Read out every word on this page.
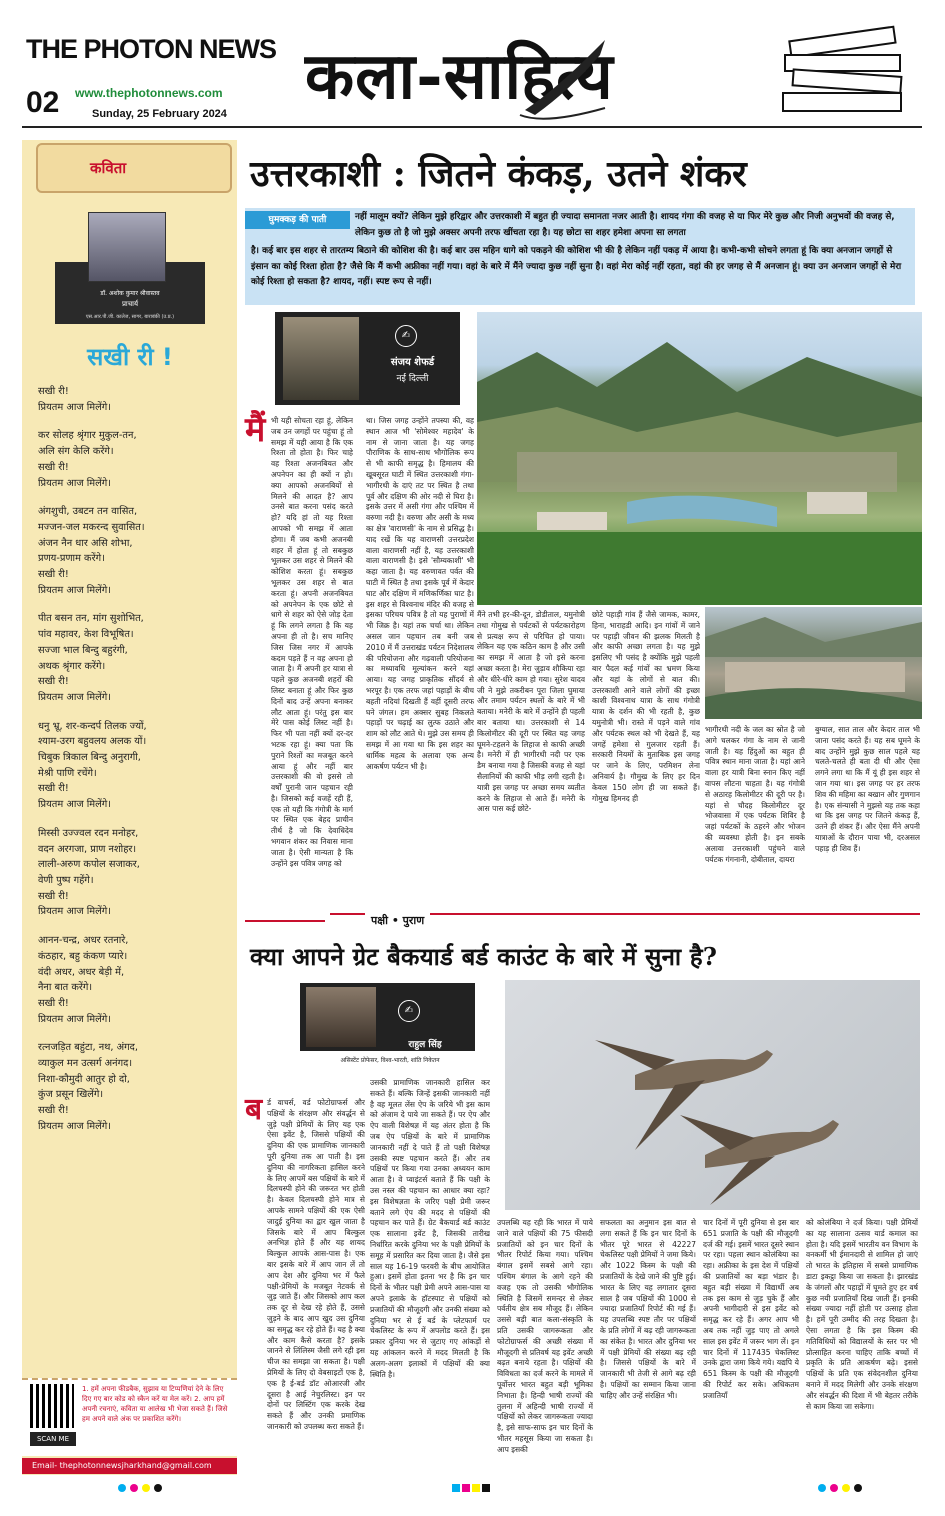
THE PHOTON NEWS
02 www.thephotonnews.com
Sunday, 25 February 2024 कला-साहित्य
कविता
डॉ. अशोक कुमार श्रीवास्तव
प्राचार्य
एस.आर.पी.जी. कालेज, सागर, बाराबंकी (उ.प्र.)
सखी री !
सखी री!
प्रियतम आज मिलेंगे।
कर सोलह श्रृंगार मुकुल-तन,
अलि संग केलि करेंगे।
सखी री!
प्रियतम आज मिलेंगे।
अंगशुची, उबटन तन वासित,
मज्जन-जल मकरन्द सुवासित।
अंजन नैन धार असि शोभा,
प्रणय-प्रणाम करेंगे।
सखी री!
प्रियतम आज मिलेंगे।
पीत बसन तन, मांग सुशोभित,
पांव महावर, केश विभूषित।
सज्जा भाल बिन्दु बहुरंगी,
अथक श्रृंगार करेंगे।
सखी री!
प्रियतम आज मिलेंगे।
धनु भ्रू, शर-कन्दर्प तिलक ज्यों,
श्याम-उरग बहुवलय अलक यों।
चिबुक त्रिकाल बिन्दु अनुरागी,
मेश्री पाणि रचेंगे।
सखी री!
प्रियतम आज मिलेंगे।
मिस्सी उज्ज्वल रदन मनोहर,
वदन अरगजा, प्राण नशोहर।
लाली-अरुण कपोल सजाकर,
वेणी पुष्प गहेंगे।
सखी री!
प्रियतम आज मिलेंगे।
आनन-चन्द्र, अधर रतनारे,
कंठहार, बहु कंकण प्यारे।
वंदी अधर, अधर बेड़ी में,
नैना बात करेंगे।
सखी री!
प्रियतम आज मिलेंगे।
रत्नजड़ित बहुंटा, नथ, अंगद,
व्याकुल मन उत्सर्ग अनंगद।
निशा-कौमुदी आतुर हो दो,
कुंज प्रसून खिलेंगे।
सखी री!
प्रियतम आज मिलेंगे।
SCAN ME
1. हमें अपना फीडबैक, सुझाव या टिप्पणियां देने के लिए दिए गए बार कोड को स्कैन करें या मेल करें। 2. आप हमें अपनी रचनाएं, कविता या आलेख भी भेजा सकते हैं। जिसे हम अपने वाले अंक पर प्रकाशित करेंगे।
Email- thephotonnewsjharkhand@gmail.com
उत्तरकाशी : जितने कंकड़, उतने शंकर
नहीं मालूम क्यों? लेकिन मुझे हरिद्वार और उत्तरकाशी में बहुत ही ज्यादा समानता नजर आती है। शायद गंगा की वजह से या फिर मेरे कुछ और निजी अनुभवों की वजह से, लेकिन कुछ तो है जो मुझे अक्सर अपनी तरफ खींचता रहा है। यह छोटा सा शहर हमेशा अपना सा लगता
घुमक्कड़ की पाती
है। कई बार इस शहर से तारतम्य बिठाने की कोशिश की है। कई बार उस महिन धागे को पकड़ने की कोशिश भी की है लेकिन नहीं पकड़ में आया है। कभी-कभी सोचने लगता हूं कि क्या अनजान जगहों से इंसान का कोई रिश्ता होता है? जैसे कि मैं कभी अफ्रीका नहीं गया। वहां के बारे में मैंने ज्यादा कुछ नहीं सुना है। वहां मेरा कोई नहीं रहता, वहां की हर जगह से मैं अनजान हूं। क्या उन अनजान जगहों से मेरा कोई रिश्ता हो सकता है? शायद, नहीं। स्पष्ट रूप से नहीं।
✍
संजय शेफर्ड
नई दिल्ली
मैं भी यही सोचता रहा हूं, लेकिन जब उन जगहों पर पहुंचा हूं तो समझ में यही आया है कि एक रिश्ता तो होता है। फिर चाहे वह रिश्ता अजनबियत और अपनेपन का ही क्यों न हो। क्या आपको अजनबियों से मिलने की आदत है? आप उनसे बात करना पसंद करते हो? यदि हां तो यह रिश्ता आपको भी समझ में आता होगा। मैं जब कभी अजनबी शहर में होता हूं तो सबकुछ भूलकर उस शहर से मिलने की कोशिश करता हूं। सबकुछ भूलकर उस शहर से बात करता हूं। अपनी अजनबियत को अपनेपन के एक छोटे से धागे से शहर को ऐसे जोड़ देता हूं कि लगने लगता है कि यह अपना ही तो है। सच मानिए जिस जिस नगर में आपके कदम पड़ते हैं न वह अपना हो जाता है। मैं अपनी हर यात्रा से पहले कुछ अजनबी शहरों की लिस्ट बनाता हूं और फिर कुछ दिनों बाद उन्हें अपना बनाकर लौट आता हूं। परंतु इस बार मेरे पास कोई लिस्ट नहीं है। फिर भी पता नहीं क्यों दर-दर भटक रहा हूं। क्या पता कि पुराने रिश्तों का मजबूत करने आया हूं और नहीं बार उत्तरकाशी की वो इससे तो वर्षों पुरानी जान पहचान रही है। जिसको कई वजहें रही हैं, एक तो यही कि गंगोत्री के मार्ग पर स्थित एक बेहद प्राचीन तीर्थ है जो कि देवाधिदेव भगवान शंकर का निवास माना जाता है। ऐसी मान्यता है कि उन्होंने इस पवित्र जगह को
था। जिस जगह उन्होंने तपस्या की, वह स्थान आज भी 'सोमेश्वर महादेव' के नाम से जाना जाता है। यह जगह पौराणिक के साथ-साथ भौगोलिक रूप से भी काफी समृद्ध है। हिमालय की खूबसूरत घाटी में स्थित उत्तरकाशी गंगा-भागीरथी के दाएं तट पर स्थित है तथा पूर्व और दक्षिण की ओर नदी से घिरा है। इसके उत्तर में असी गंगा और पश्चिम में वरुणा नदी है। वरुणा और असी के मध्य का क्षेत्र 'वाराणसी' के नाम से प्रसिद्ध है। याद रखें कि यह वाराणसी उत्तरप्रदेश वाला वाराणसी नहीं है, यह उत्तरकाशी वाला वाराणसी है। इसे 'सौम्यकाशी' भी कहा जाता है। यह वरुणावत पर्वत की घाटी में स्थित है तथा इसके पूर्व में केदार घाट और दक्षिण में मणिकर्णिका घाट है। इस शहर से विश्वनाथ मंदिर की वजह से इसका परिचय पवित्र है तो यह पुराणों में भी जिक्र है। यहां तक चर्चा था। लेकिन असल जान पहचान तब बनी जब 2010 में मैं उत्तराखंड पर्यटन निदेशालय की परियोजना और गढ़वाली परियोजना का मध्यावधि मूल्यांकन करने यहां आया। यह जगह प्राकृतिक सौंदर्य से भरपूर है। एक तरफ जहां पहाड़ों के बीच बहती नदियां दिखती हैं वहीं दूसरी तरफ घने जंगल। हम अक्सर सुबह निकलते पहाड़ों पर चढ़ाई का लुत्फ उठाते और शाम को लौट आते थे। मुझे उस समय ही समझ में आ गया था कि इस शहर का धार्मिक महत्व के अलावा एक अन्य आकर्षण पर्यटन भी है।
मैंने तभी हर-की-दून, डोडीताल, यमुनोत्री तथा गोमुख से पर्यटकों से पर्यटकारोहण से प्रत्यक्ष रूप से परिचित हो पाया। लेकिन यह एक कठिन काम है और उसी का समझ में आता है जो इसे करना अच्छा करता है। मेरा जुड़ाव शौकिया रहा और धीरे-धीरे काम हो गया। सुरेश यादव जी ने मुझे तकरीबन पूरा जिला घुमाया और तमाम पर्यटन स्थलों के बारे में भी बताया। मनेरी के बारे में उन्होंने ही पहली बार बताया था। उत्तरकाशी से 14 किलोमीटर की दूरी पर स्थित यह जगह घूमने-टहलने के लिहाज से काफी अच्छी है। मनेरी में ही भागीरथी नदी पर एक डैम बनाया गया है जिसकी वजह से यहां सैलानियों की काफी भीड़ लगी रहती है। यात्री इस जगह पर अच्छा समय व्यतीत करने के लिहाज से आते हैं। मनेरी के आस पास कई छोटे-
छोटे पहाड़ी गांव हैं जैसे जामक, कामर, हिना, भाराहडी आदि। इन गांवों में जाने पर पहाड़ी जीवन की झलक मिलती है और काफी अच्छा लगता है। यह मुझे इसलिए भी पसंद है क्योंकि मुझे पहली बार पैदल कई गांवों का भ्रमण किया और यहां के लोगों से बात की। उत्तरकाशी आने वाले लोगों की इच्छा काशी विश्वनाथ यात्रा के साथ गंगोत्री यात्रा के दर्शन की भी रहती है, कुछ यमुनोत्री भी। रास्ते में पड़ने वाले गांव और पर्यटक स्थल को भी देखते हैं, यह जगहें हमेशा से गुलजार रहती हैं। सरकारी नियमों के मुताबिक इस जगह पर जाने के लिए, परमिशन लेना अनिवार्य है। गौमुख के लिए हर दिन केवल 150 लोग ही जा सकते हैं। गोमुख हिमनद ही
भागीरथी नदी के जल का स्रोत है जो आगे चलकर गंगा के नाम से जानी जाती है। यह हिंदुओं का बहुत ही पवित्र स्थान माना जाता है। यहां आने वाला हर यात्री बिना स्नान किए नहीं वापस लौटना चाहता है। यह गंगोत्री से अठारह किलोमीटर की दूरी पर है। यहां से चौदह किलोमीटर दूर भोजवासा में एक पर्यटक शिविर है जहां पर्यटकों के ठहरने और भोजन की व्यवस्था होती है। इन सबके अलावा उत्तरकाशी पहुंचने वाले पर्यटक गंगनानी, दोबीताल, दायरा
बुग्याल, सात ताल और केदार ताल भी जाना पसंद करते हैं। यह सब घूमने के बाद उन्होंने मुझे कुछ साल पहले यह चलते-चलते ही बता दी थी और ऐसा लगने लगा था कि मैं यूं ही इस शहर से जान गया था। इस जगह पर हर तरफ शिव की महिमा का बखान और गुणगान है। एक संन्यासी ने मुझसे यह तक कहा था कि इस जगह पर जितने कंकड़ हैं, उतने ही शंकर हैं। और ऐसा मैंने अपनी यात्राओं के दौरान पाया भी, दरअसल पहाड़ ही शिव हैं।
पक्षी • पुराण
क्या आपने ग्रेट बैकयार्ड बर्ड काउंट के बारे में सुना है?
✍
राहुल सिंह
असिस्टेंट प्रोफेसर, विश्व-भारती, शांति निकेतन
ब र्ड वाचर्स, वर्ड फोटोग्राफर्स और पक्षियों के संरक्षण और संवर्द्धन से जुड़े पक्षी प्रेमियों के लिए यह एक ऐसा इवेंट है, जिससे पक्षियों की दुनिया की एक प्रामाणिक जानकारी पूरी दुनिया तक आ पाती है। इस दुनिया की नागरिकता हासिल करने के लिए आपमें बस पक्षियों के बारे में दिलचस्पी होने की जरूरत भर होती है। केवल दिलचस्पी होने मात्र से आपके सामने पक्षियों की एक ऐसी जादुई दुनिया का द्वार खुल जाता है जिसके बारे में आप बिल्कुल अनभिज्ञ होते हैं और यह शायद बिल्कुल आपके आस-पास है। एक बार इसके बारे में आप जान लें तो आप देश और दुनिया भर में फैले पक्षी-प्रेमियों के मजबूत नेटवर्क से जुड़ जाते हैं। और जिसको आप कल तक दूर से देख रहे होते हैं, उससे जुड़ने के बाद आप खुद उस दुनिया का समृद्ध कर रहे होते हैं। यह है क्या और काम कैसे करता है? इसके जानने से लिंलिस्म जैसी लगे रही इस चीज का समझा जा सकता है। पक्षी प्रेमियों के लिए दो वेबसाइटों एक है, एक है ई-बर्ड डॉट ओआरजी और दूसरा है आई नेचुरलिस्ट। इन पर दोनों पर लिस्टिंग एक करके देख सकते हैं और उनकी प्रमाणिक जानकारी को उपलब्ध करा सकते हैं।
उसकी प्रामाणिक जानकारी हासिल कर सकते हैं। बल्कि जिन्हें इसकी जानकारी नहीं है वह मूलत लेंस ऐप के जरिये भी इस काम को अंजाम दे पाये जा सकते हैं। पर ऐप और ऐप वाली विशेषज्ञ में यह अंतर होता है कि जब ऐप पक्षियों के बारे में प्रामाणिक जानकारी नहीं दे पाते हैं तो पक्षी विशेषज्ञ उसकी स्पष्ट पहचान करते हैं। और तब पक्षियों पर किया गया उनका अध्ययन काम आता है। वे प्वाइंटर्स बताते हैं कि पक्षी के उस नस्ल की पहचान का आधार क्या रहा? इस विशेषज्ञता के जरिए पक्षी प्रेमी जरूर बताने लगे ऐप की मदद से पक्षियों की पहचान कर पाते हैं। ग्रेट बैकयार्ड बर्ड काउंट एक सालाना इवेंट है, जिसकी तारीख निर्धारित करके दुनिया भर के पक्षी प्रेमियों के समूह में प्रसारित कर दिया जाता है। जैसे इस साल यह 16-19 फरवरी के बीच आयोजित हुआ। इसमें होता इतना भर है कि इन चार दिनों के भीतर पक्षी प्रेमी अपने आस-पास या अपने इलाके के हॉटस्पाट से पक्षियों को प्रजातियों की मौजूदगी और उनकी संख्या को दुनिया भर से ई बर्ड के प्लेटफार्म पर चेकलिस्ट के रूप में अपलोड करते हैं। इस प्रकार दुनिया भर से जुटाए गए आंकड़ों से यह आंकलन करने में मदद मिलती है कि अलग-अलग इलाकों में पक्षियों की क्या स्थिति है।
उपलब्धि यह रही कि भारत में पाये जाने वाले पक्षियों की 75 फीसदी प्रजातियों को इन चार दिनों के भीतर रिपोर्ट किया गया। पश्चिम बंगाल इसमें सबसे आगे रहा। पश्चिम बंगाल के आगे रहने की वजह एक तो उसकी भौगोलिक स्थिति है जिसमें समन्दर से लेकर पर्वतीय क्षेत्र सब मौजूद हैं। लेकिन उससे बड़ी बात कला-संस्कृति के प्रति उसकी जागरूकता और फोटोग्राफर्स की अच्छी संख्या में मौजूदगी से प्रतिवर्ष यह इवेंट अच्छी बढ़त बनाये रहता है। पक्षियों की विविधता का दर्ज करने के मामले में पूर्वोत्तर भारत बहुत बड़ी भूमिका निभाता है। हिन्दी भाषी राज्यों की तुलना में अहिन्दी भाषी राज्यों में पक्षियों को लेकर जागरूकता ज्यादा है, इसे साफ-साफ इन चार दिनों के भीतर महसूस किया जा सकता है। आप इसकी
सफलता का अनुमान इस बात से लगा सकते हैं कि इन चार दिनों के भीतर पूरे भारत से 42227 चेकलिस्ट पक्षी प्रेमियों ने जमा किये। और 1022 किस्म के पक्षी की प्रजातियों के देखे जाने की पुष्टि हुई। भारत के लिए यह लगातार दूसरा साल है जब पक्षियों की 1000 से ज्यादा प्रजातियाँ रिपोर्ट की गई हैं। यह उपलब्धि स्पष्ट तौर पर पक्षियों के प्रति लोगों में बढ़ रही जागरूकता का संकेत है। भारत और दुनिया भर में पक्षी प्रेमियों की संख्या बढ़ रही है। जिससे पक्षियों के बारे में जानकारी भी तेजी से आगे बढ़ रही है। पक्षियों का सम्मान किया जाना चाहिए और उन्हें संरक्षित भी।
चार दिनों में पूरी दुनिया से इस बार 651 प्रजाति के पक्षी की मौजूदगी दर्ज की गई। इसमें भारत दूसरे स्थान पर रहा। पहला स्थान कोलंबिया का रहा। अफ्रीका के इस देश में पक्षियों की प्रजातियों का बड़ा भंडार है। बहुत बड़ी संख्या में विद्यार्थी अब तक इस काम से जुड़ चुके हैं और अपनी भागीदारी से इस इवेंट को समृद्ध कर रहे हैं। अगर आप भी अब तक नहीं जुड़ पाए तो अगले साल इस इवेंट में जरूर भाग लें। इन चार दिनों में 117435 चेकलिस्ट उनके द्वारा जमा किये गये। यद्यपि ये 651 किस्म के पक्षी की मौजूदगी की रिपोर्ट कर सके। अधिकतम प्रजातियाँ
को कोलंबिया ने दर्ज किया। पक्षी प्रेमियों का यह सालाना उत्सव यार्ड कमाल का होता है। यदि इसमें भारतीय वन विभाग के वनकर्मी भी ईमानदारी से शामिल हो जाएं तो भारत के इतिहास में सबसे प्रामाणिक डाटा इकट्ठा किया जा सकता है। झारखंड के जंगलों और पहाड़ों में घूमते हुए हर वर्ष कुछ नयी प्रजातियाँ दिख जाती हैं। इनकी संख्या ज्यादा नहीं होती पर उत्साह होता है। हमें पूरी उम्मीद की तरह दिखता है। ऐसा लगता है कि इस किस्म की गतिविधियों को विद्यालयों के स्तर पर भी प्रोत्साहित करना चाहिए ताकि बच्चों में प्रकृति के प्रति आकर्षण बढ़े। इससे पक्षियों के प्रति एक संवेदनशील दुनिया बनाने में मदद मिलेगी और उनके संरक्षण और संवर्द्धन की दिशा में भी बेहतर तरीके से काम किया जा सकेगा।
